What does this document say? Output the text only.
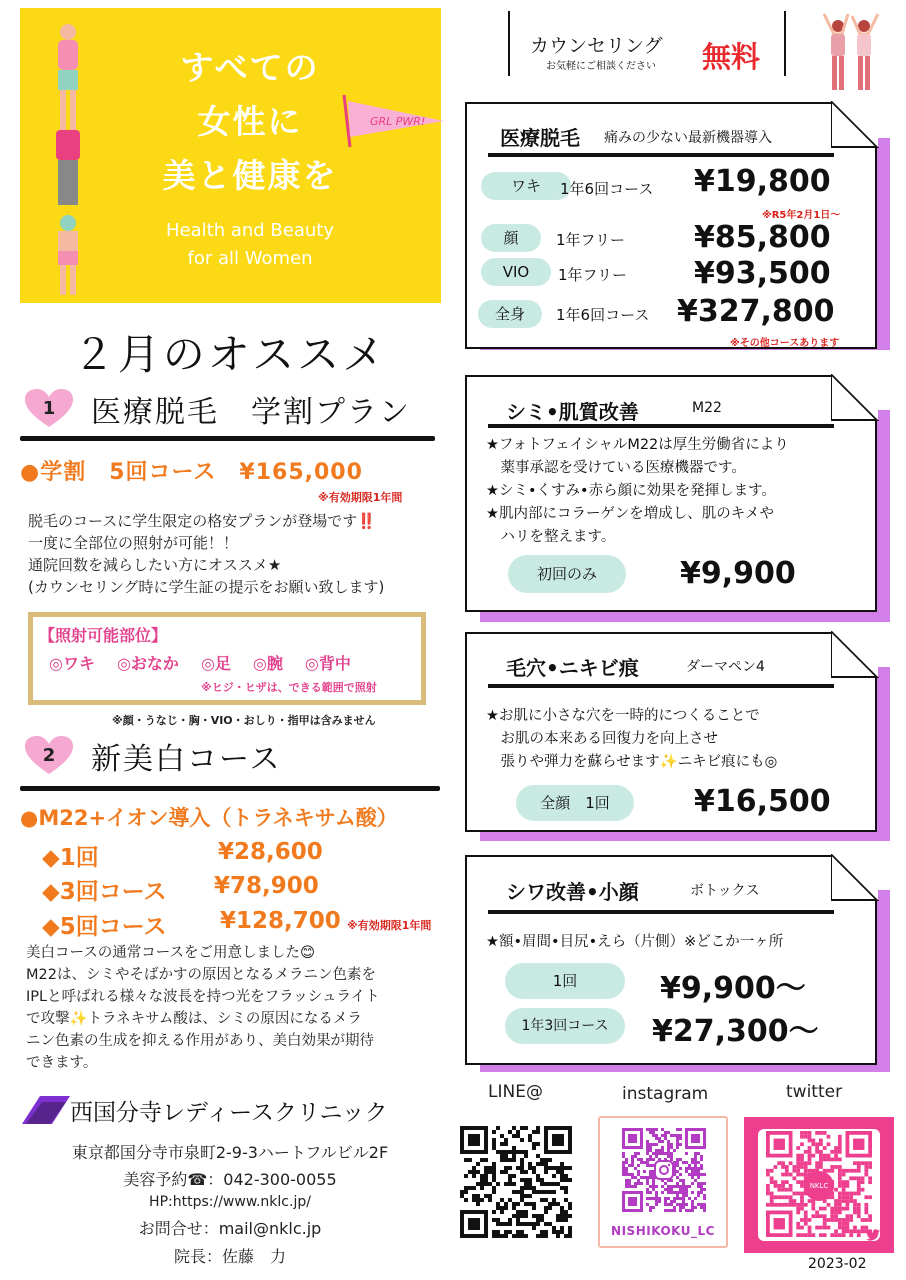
すべての
女性に
美と健康を
Health and Beauty
for all Women
GRL PWR!
２月のオススメ
1	医療脱毛　学割プラン
●学割　5回コース　¥165,000
※有効期限1年間
脱毛のコースに学生限定の格安プランが登場です‼️
一度に全部位の照射が可能！！
通院回数を減らしたい方にオススメ★
(カウンセリング時に学生証の提示をお願い致します)
【照射可能部位】
◎ワキ ◎おなか ◎足 ◎腕 ◎背中
※ヒジ・ヒザは、できる範囲で照射
※顔・うなじ・胸・VIO・おしり・指甲は含みません
2	新美白コース
●M22+イオン導入（トラネキサム酸）
◆1回	¥28,600
◆3回コース ¥78,900
◆5回コース ¥128,700 ※有効期限1年間
美白コースの通常コースをご用意しました😊
M22は、シミやそばかすの原因となるメラニン色素を
IPLと呼ばれる様々な波長を持つ光をフラッシュライト
で攻撃✨トラネキサム酸は、シミの原因になるメラ
ニン色素の生成を抑える作用があり、美白効果が期待
できます。
西国分寺レディースクリニック
東京都国分寺市泉町2-9-3ハートフルビル2F
美容予約☎：042-300-0055
HP:https://www.nklc.jp/
お問合せ：mail@nklc.jp
院長：佐藤　力
カウンセリング
お気軽にご相談ください 無料
医療脱毛 痛みの少ない最新機器導入
ワキ	1年6回コース ¥19,800
※R5年2月1日〜
顔	1年フリー ¥85,800
VIO	1年フリー ¥93,500
全身	1年6回コース ¥327,800
※その他コースあります
シミ•肌質改善	M22
★フォトフェイシャルM22は厚生労働省により
　薬事承認を受けている医療機器です。
★シミ•くすみ•赤ら顔に効果を発揮します。
★肌内部にコラーゲンを増成し、肌のキメや
　ハリを整えます。
初回のみ	¥9,900
毛穴•ニキビ痕	ダーマペン4
★お肌に小さな穴を一時的につくることで
　お肌の本来ある回復力を向上させ
　張りや弾力を蘇らせます✨ニキビ痕にも◎
全顔　1回	¥16,500
シワ改善•小顔	ボトックス
★額•眉間•目尻•えら（片側）※どこか一ヶ所
1回	¥9,900〜
1年3回コース	¥27,300〜
LINE@	instagram	twitter
NISHIKOKU_LC
NKLC
2023-02
